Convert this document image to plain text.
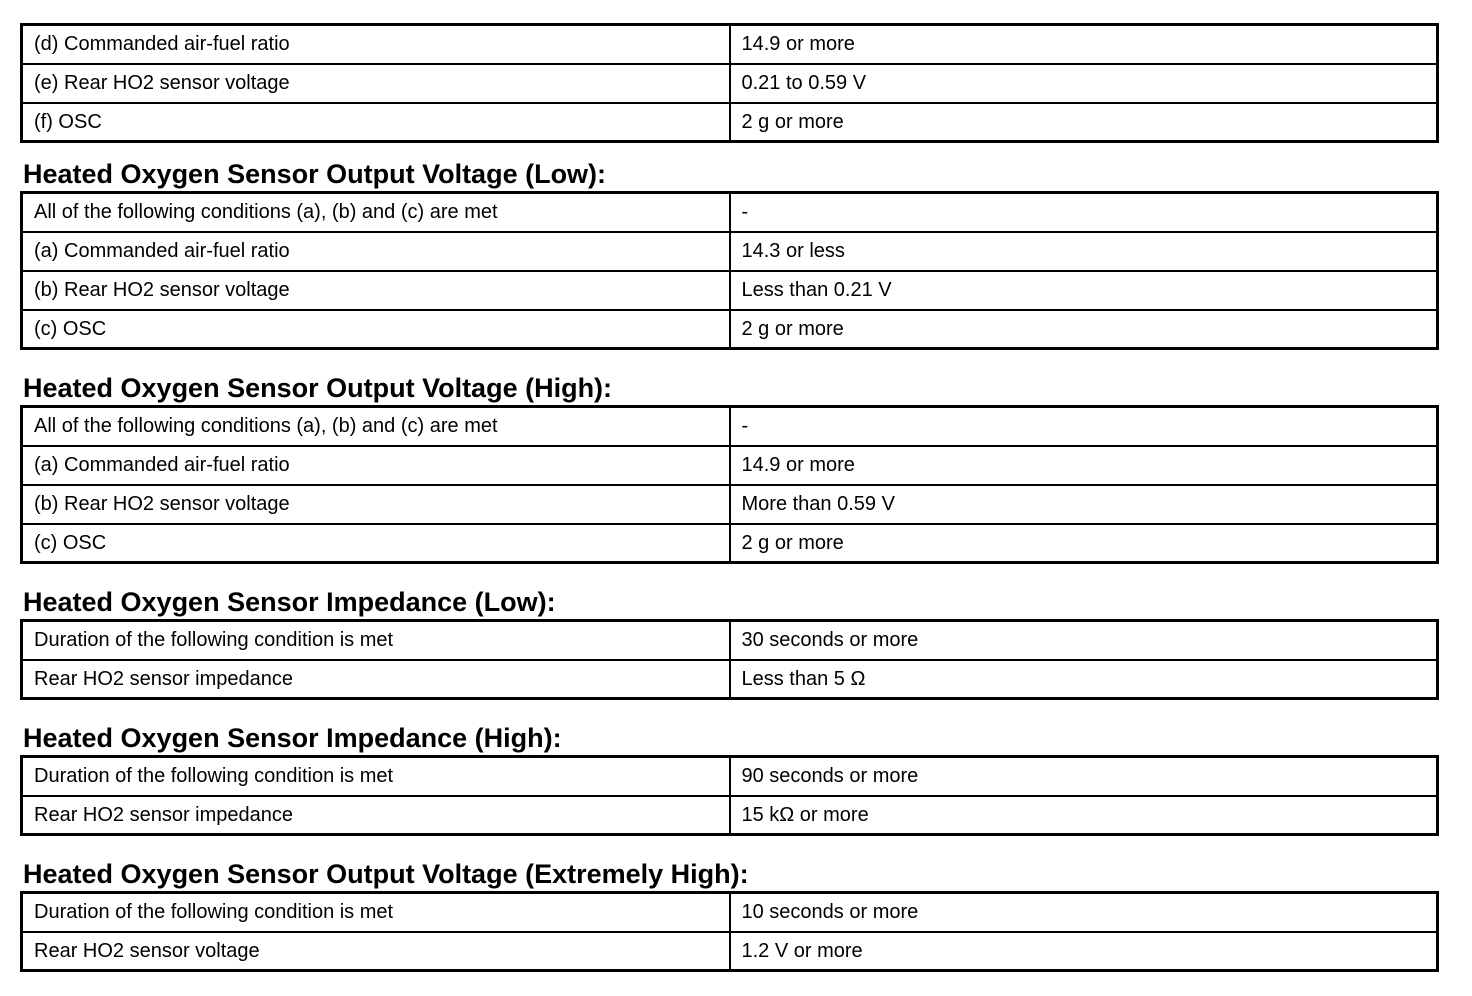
(d) Commanded air-fuel ratio	14.9 or more
(e) Rear HO2 sensor voltage	0.21 to 0.59 V
(f) OSC	2 g or more
Heated Oxygen Sensor Output Voltage (Low):
All of the following conditions (a), (b) and (c) are met	-
(a) Commanded air-fuel ratio	14.3 or less
(b) Rear HO2 sensor voltage	Less than 0.21 V
(c) OSC	2 g or more
Heated Oxygen Sensor Output Voltage (High):
All of the following conditions (a), (b) and (c) are met	-
(a) Commanded air-fuel ratio	14.9 or more
(b) Rear HO2 sensor voltage	More than 0.59 V
(c) OSC	2 g or more
Heated Oxygen Sensor Impedance (Low):
Duration of the following condition is met	30 seconds or more
Rear HO2 sensor impedance	Less than 5 Ω
Heated Oxygen Sensor Impedance (High):
Duration of the following condition is met	90 seconds or more
Rear HO2 sensor impedance	15 kΩ or more
Heated Oxygen Sensor Output Voltage (Extremely High):
Duration of the following condition is met	10 seconds or more
Rear HO2 sensor voltage	1.2 V or more
